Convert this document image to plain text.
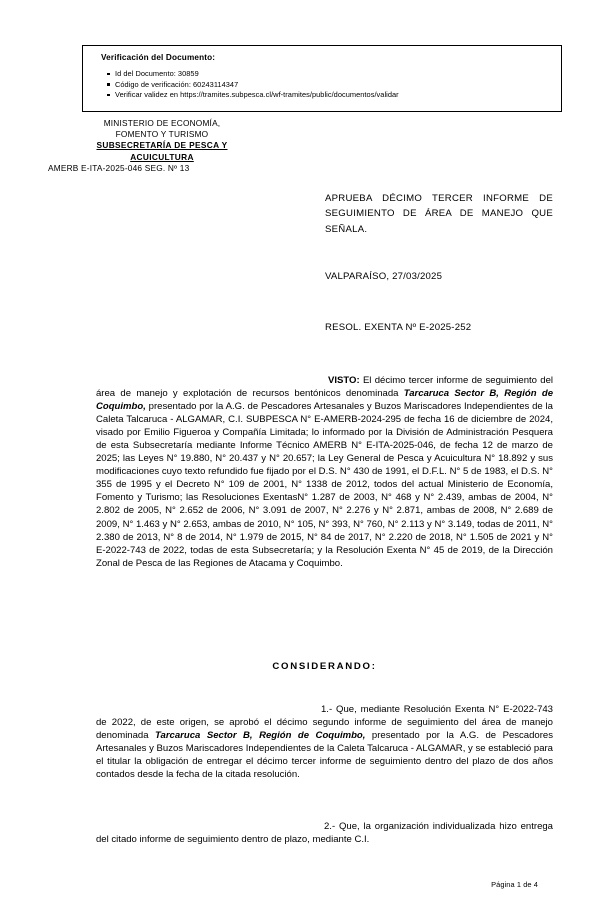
Verificación del Documento:
Id del Documento: 30859
Código de verificación: 60243114347
Verificar validez en https://tramites.subpesca.cl/wf-tramites/public/documentos/validar
MINISTERIO DE ECONOMÍA,
FOMENTO Y TURISMO
SUBSECRETARÍA DE PESCA Y
ACUICULTURA
AMERB E-ITA-2025-046 SEG. Nº 13
APRUEBA DÉCIMO TERCER INFORME DE SEGUIMIENTO DE ÁREA DE MANEJO QUE SEÑALA.
VALPARAÍSO, 27/03/2025
RESOL. EXENTA Nº E-2025-252

VISTO: El décimo tercer informe de seguimiento del área de manejo y explotación de recursos bentónicos denominada Tarcaruca Sector B, Región de Coquimbo, presentado por la A.G. de Pescadores Artesanales y Buzos Mariscadores Independientes de la Caleta Talcaruca - ALGAMAR, C.I. SUBPESCA N° E-AMERB-2024-295 de fecha 16 de diciembre de 2024, visado por Emilio Figueroa y Compañía Limitada; lo informado por la División de Administración Pesquera de esta Subsecretaría mediante Informe Técnico AMERB N° E-ITA-2025-046, de fecha 12 de marzo de 2025; las Leyes N° 19.880, N° 20.437 y N° 20.657; la Ley General de Pesca y Acuicultura N° 18.892 y sus modificaciones cuyo texto refundido fue fijado por el D.S. N° 430 de 1991, el D.F.L. N° 5 de 1983, el D.S. N° 355 de 1995 y el Decreto N° 109 de 2001, N° 1338 de 2012, todos del actual Ministerio de Economía, Fomento y Turismo; las Resoluciones ExentasN° 1.287 de 2003, N° 468 y N° 2.439, ambas de 2004, N° 2.802 de 2005, N° 2.652 de 2006, N° 3.091 de 2007, N° 2.276 y N° 2.871, ambas de 2008, N° 2.689 de 2009, N° 1.463 y N° 2.653, ambas de 2010, N° 105, N° 393, N° 760, N° 2.113 y N° 3.149, todas de 2011, N° 2.380 de 2013, N° 8 de 2014, N° 1.979 de 2015, N° 84 de 2017, N° 2.220 de 2018, N° 1.505 de 2021 y N° E-2022-743 de 2022, todas de esta Subsecretaría; y la Resolución Exenta N° 45 de 2019, de la Dirección Zonal de Pesca de las Regiones de Atacama y Coquimbo.

CONSIDERANDO:
1.- Que, mediante Resolución Exenta N° E-2022-743 de 2022, de este origen, se aprobó el décimo segundo informe de seguimiento del área de manejo denominada Tarcaruca Sector B, Región de Coquimbo, presentado por la A.G. de Pescadores Artesanales y Buzos Mariscadores Independientes de la Caleta Talcaruca - ALGAMAR, y se estableció para el titular la obligación de entregar el décimo tercer informe de seguimiento dentro del plazo de dos años contados desde la fecha de la citada resolución.
2.- Que, la organización individualizada hizo entrega del citado informe de seguimiento dentro de plazo, mediante C.I.
Página 1 de 4
